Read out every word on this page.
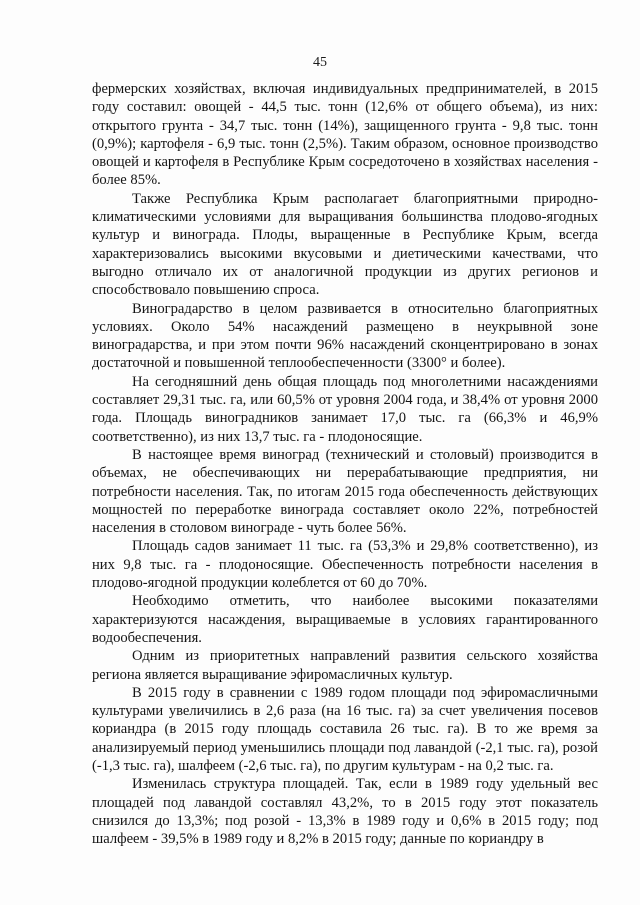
45

фермерских хозяйствах, включая индивидуальных предпринимателей, в 2015 году составил: овощей - 44,5 тыс. тонн (12,6% от общего объема), из них: открытого грунта - 34,7 тыс. тонн (14%), защищенного грунта - 9,8 тыс. тонн (0,9%); картофеля - 6,9 тыс. тонн (2,5%). Таким образом, основное производство овощей и картофеля в Республике Крым сосредоточено в хозяйствах населения - более 85%.

Также Республика Крым располагает благоприятными природно-климатическими условиями для выращивания большинства плодово-ягодных культур и винограда. Плоды, выращенные в Республике Крым, всегда характеризовались высокими вкусовыми и диетическими качествами, что выгодно отличало их от аналогичной продукции из других регионов и способствовало повышению спроса.

Виноградарство в целом развивается в относительно благоприятных условиях. Около 54% насаждений размещено в неукрывной зоне виноградарства, и при этом почти 96% насаждений сконцентрировано в зонах достаточной и повышенной теплообеспеченности (3300° и более).

На сегодняшний день общая площадь под многолетними насаждениями составляет 29,31 тыс. га, или 60,5% от уровня 2004 года, и 38,4% от уровня 2000 года. Площадь виноградников занимает 17,0 тыс. га (66,3% и 46,9% соответственно), из них 13,7 тыс. га - плодоносящие.

В настоящее время виноград (технический и столовый) производится в объемах, не обеспечивающих ни перерабатывающие предприятия, ни потребности населения. Так, по итогам 2015 года обеспеченность действующих мощностей по переработке винограда составляет около 22%, потребностей населения в столовом винограде - чуть более 56%.

Площадь садов занимает 11 тыс. га (53,3% и 29,8% соответственно), из них 9,8 тыс. га - плодоносящие. Обеспеченность потребности населения в плодово-ягодной продукции колеблется от 60 до 70%.

Необходимо отметить, что наиболее высокими показателями характеризуются насаждения, выращиваемые в условиях гарантированного водообеспечения.

Одним из приоритетных направлений развития сельского хозяйства региона является выращивание эфиромасличных культур.

В 2015 году в сравнении с 1989 годом площади под эфиромасличными культурами увеличились в 2,6 раза (на 16 тыс. га) за счет увеличения посевов кориандра (в 2015 году площадь составила 26 тыс. га). В то же время за анализируемый период уменьшились площади под лавандой (-2,1 тыс. га), розой (-1,3 тыс. га), шалфеем (-2,6 тыс. га), по другим культурам - на 0,2 тыс. га.

Изменилась структура площадей. Так, если в 1989 году удельный вес площадей под лавандой составлял 43,2%, то в 2015 году этот показатель снизился до 13,3%; под розой - 13,3% в 1989 году и 0,6% в 2015 году; под шалфеем - 39,5% в 1989 году и 8,2% в 2015 году; данные по кориандру в
